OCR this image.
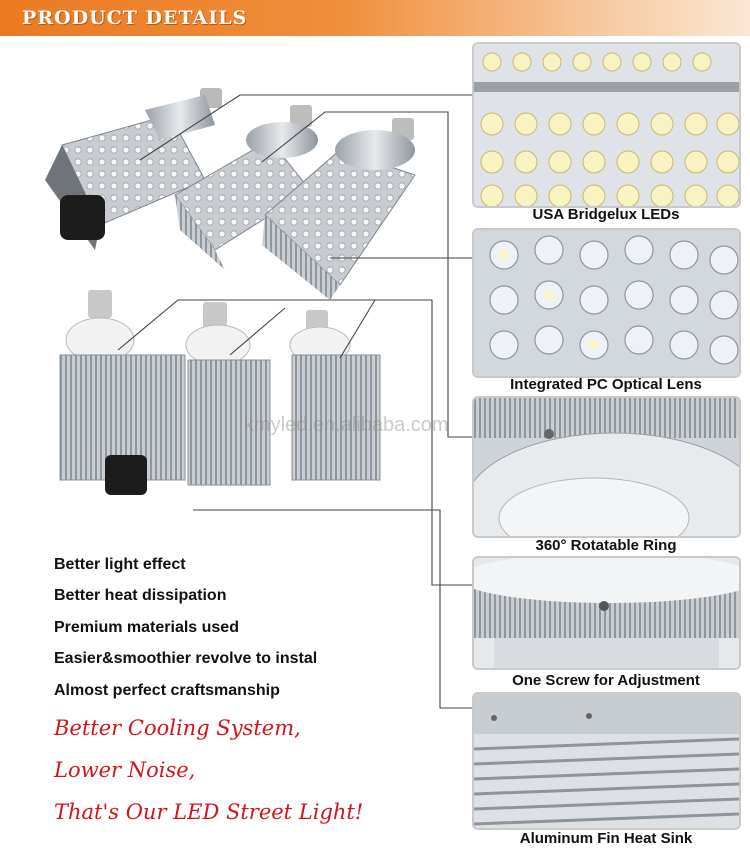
PRODUCT DETAILS
kmyled.en.alibaba.com
USA Bridgelux LEDs
Integrated PC Optical Lens
360° Rotatable Ring
One Screw for Adjustment
Aluminum Fin Heat Sink
Better light effect
Better heat dissipation
Premium materials used
Easier&smoothier revolve to instal
Almost perfect craftsmanship
Better Cooling System,
Lower Noise,
That's Our LED Street Light!
